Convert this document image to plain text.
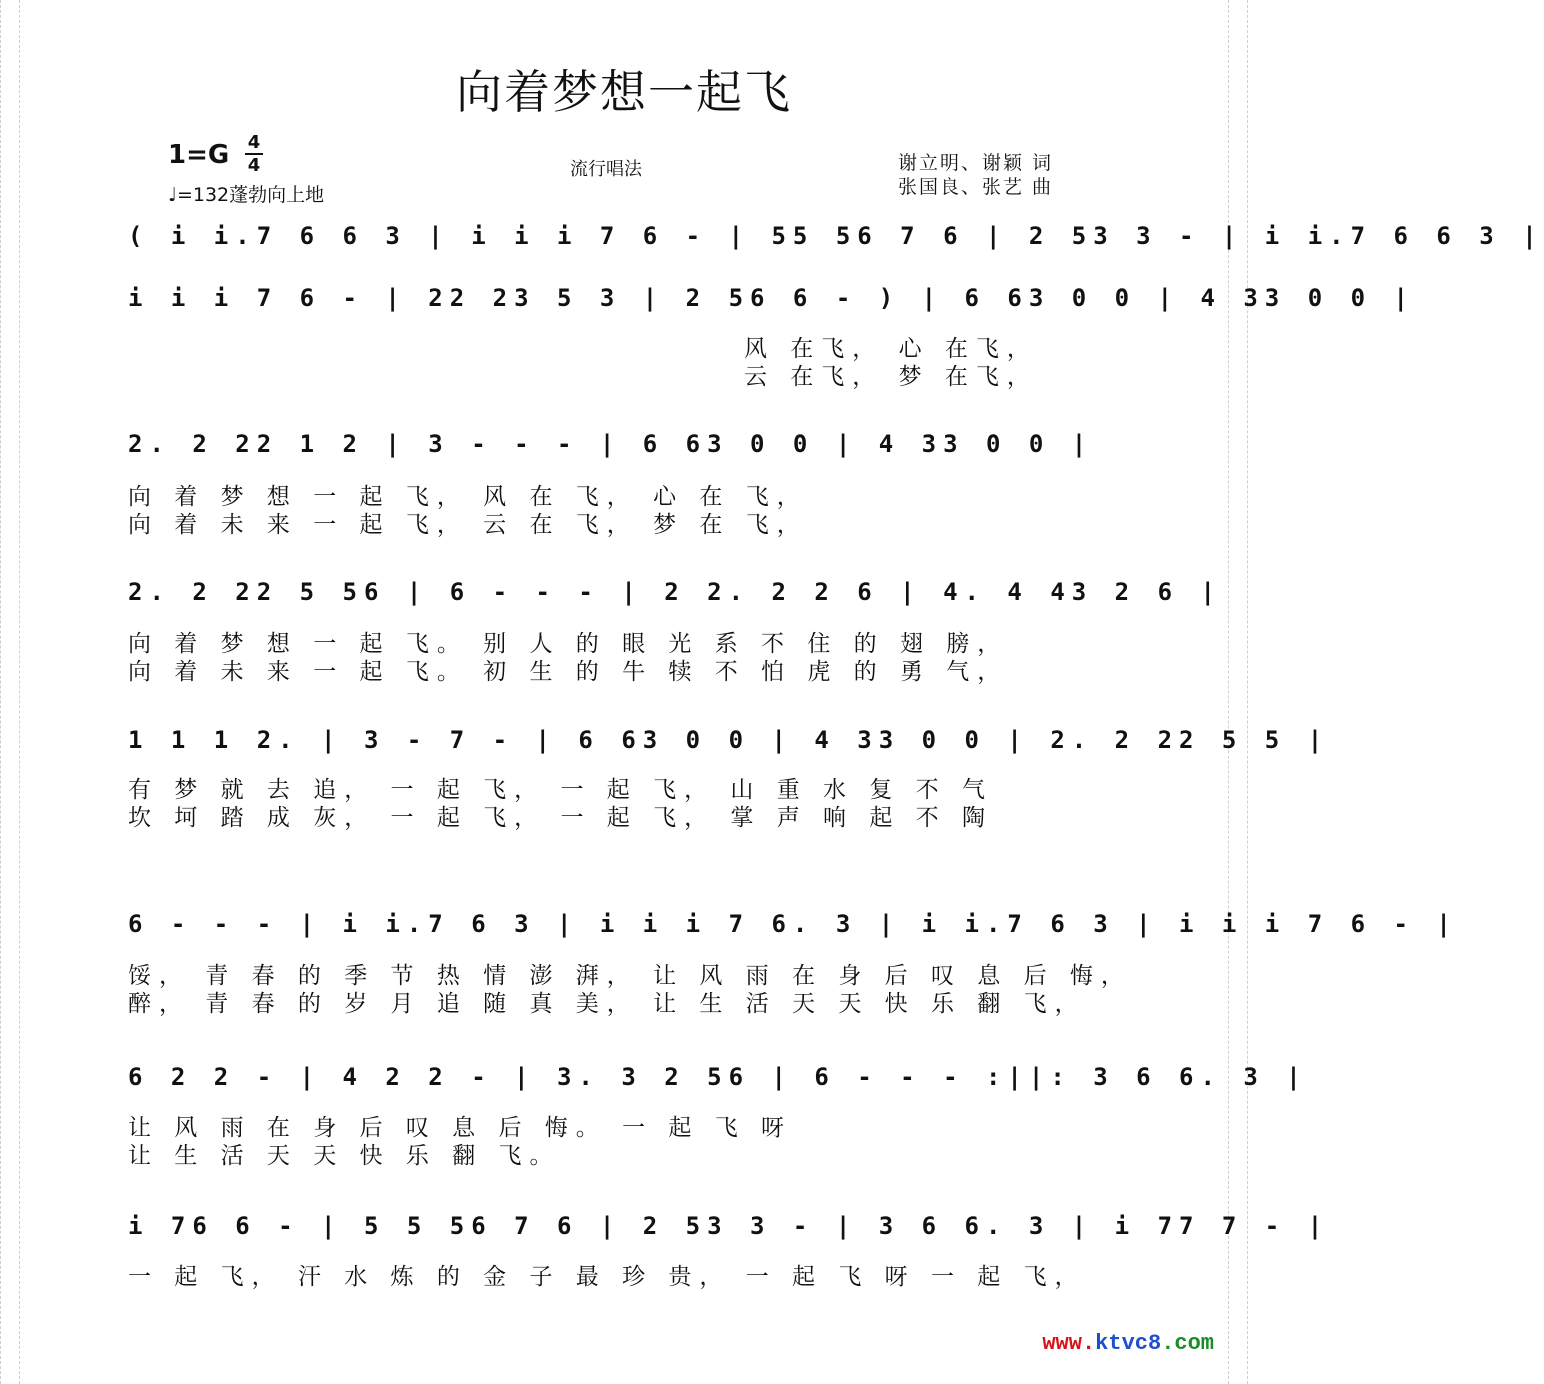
向着梦想一起飞
1=G 4
4
♩=132蓬勃向上地
流行唱法	谢立明、谢颖 词
张国良、张艺 曲
( i i.7 6 6 3 | i i i 7 6 - | 55 56 7 6 | 2 53 3 - | i i.7 6 6 3 |
i i i 7 6 - | 22 23 5 3 | 2 56 6 - ) | 6 63 0 0 | 4 33 0 0 |
风 在飞， 心 在飞，
云 在飞， 梦 在飞，
2. 2 22 1 2 | 3 - - - | 6 63 0 0 | 4 33 0 0 |
向 着 梦 想 一 起 飞， 风 在 飞， 心 在 飞，
向 着 未 来 一 起 飞， 云 在 飞， 梦 在 飞，
2. 2 22 5 56 | 6 - - - | 2 2. 2 2 6 | 4. 4 43 2 6 |
向 着 梦 想 一 起 飞。 别 人 的 眼 光 系 不 住 的 翅 膀，
向 着 未 来 一 起 飞。 初 生 的 牛 犊 不 怕 虎 的 勇 气，
1 1 1 2. | 3 - 7 - | 6 63 0 0 | 4 33 0 0 | 2. 2 22 5 5 |
有 梦 就 去 追， 一 起 飞， 一 起 飞， 山 重 水 复 不 气
坎 坷 踏 成 灰， 一 起 飞， 一 起 飞， 掌 声 响 起 不 陶
6 - - - | i i.7 6 3 | i i i 7 6. 3 | i i.7 6 3 | i i i 7 6 - |
馁， 青 春 的 季 节 热 情 澎 湃， 让 风 雨 在 身 后 叹 息 后 悔，
醉， 青 春 的 岁 月 追 随 真 美， 让 生 活 天 天 快 乐 翻 飞，
6 2 2 - | 4 2 2 - | 3. 3 2 56 | 6 - - - :||: 3 6 6. 3 |
让 风 雨 在 身 后 叹 息 后 悔。 一 起 飞 呀
让 生 活 天 天 快 乐 翻 飞。
i 76 6 - | 5 5 56 7 6 | 2 53 3 - | 3 6 6. 3 | i 77 7 - |
一 起 飞， 汗 水 炼 的 金 子 最 珍 贵， 一 起 飞 呀 一 起 飞，
www.ktvc8.com
